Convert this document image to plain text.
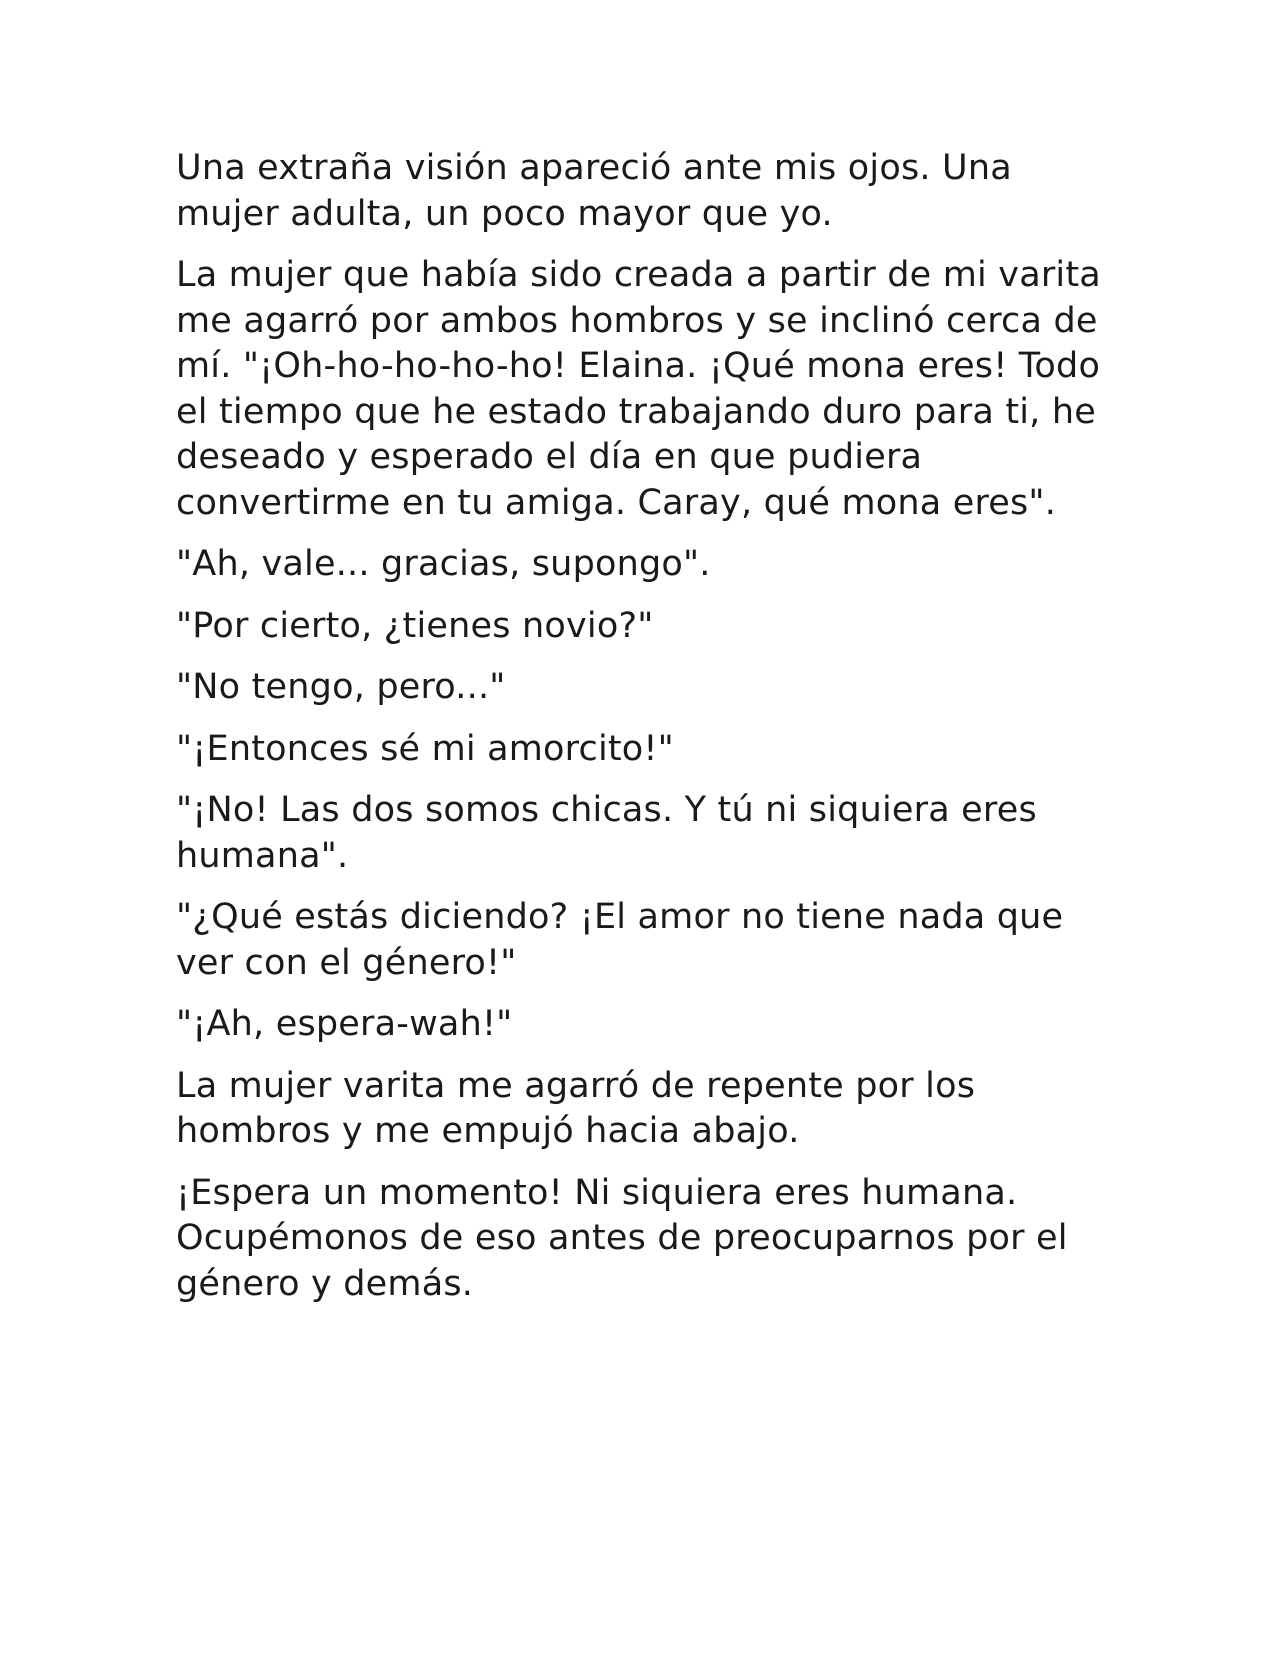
Una extraña visión apareció ante mis ojos. Una mujer adulta, un poco mayor que yo.

La mujer que había sido creada a partir de mi varita me agarró por ambos hombros y se inclinó cerca de mí. "¡Oh-ho-ho-ho-ho! Elaina. ¡Qué mona eres! Todo el tiempo que he estado trabajando duro para ti, he deseado y esperado el día en que pudiera convertirme en tu amiga. Caray, qué mona eres".

"Ah, vale... gracias, supongo".

"Por cierto, ¿tienes novio?"

"No tengo, pero..."

"¡Entonces sé mi amorcito!"

"¡No! Las dos somos chicas. Y tú ni siquiera eres humana".

"¿Qué estás diciendo? ¡El amor no tiene nada que ver con el género!"

"¡Ah, espera-wah!"

La mujer varita me agarró de repente por los hombros y me empujó hacia abajo.

¡Espera un momento! Ni siquiera eres humana. Ocupémonos de eso antes de preocuparnos por el género y demás.
